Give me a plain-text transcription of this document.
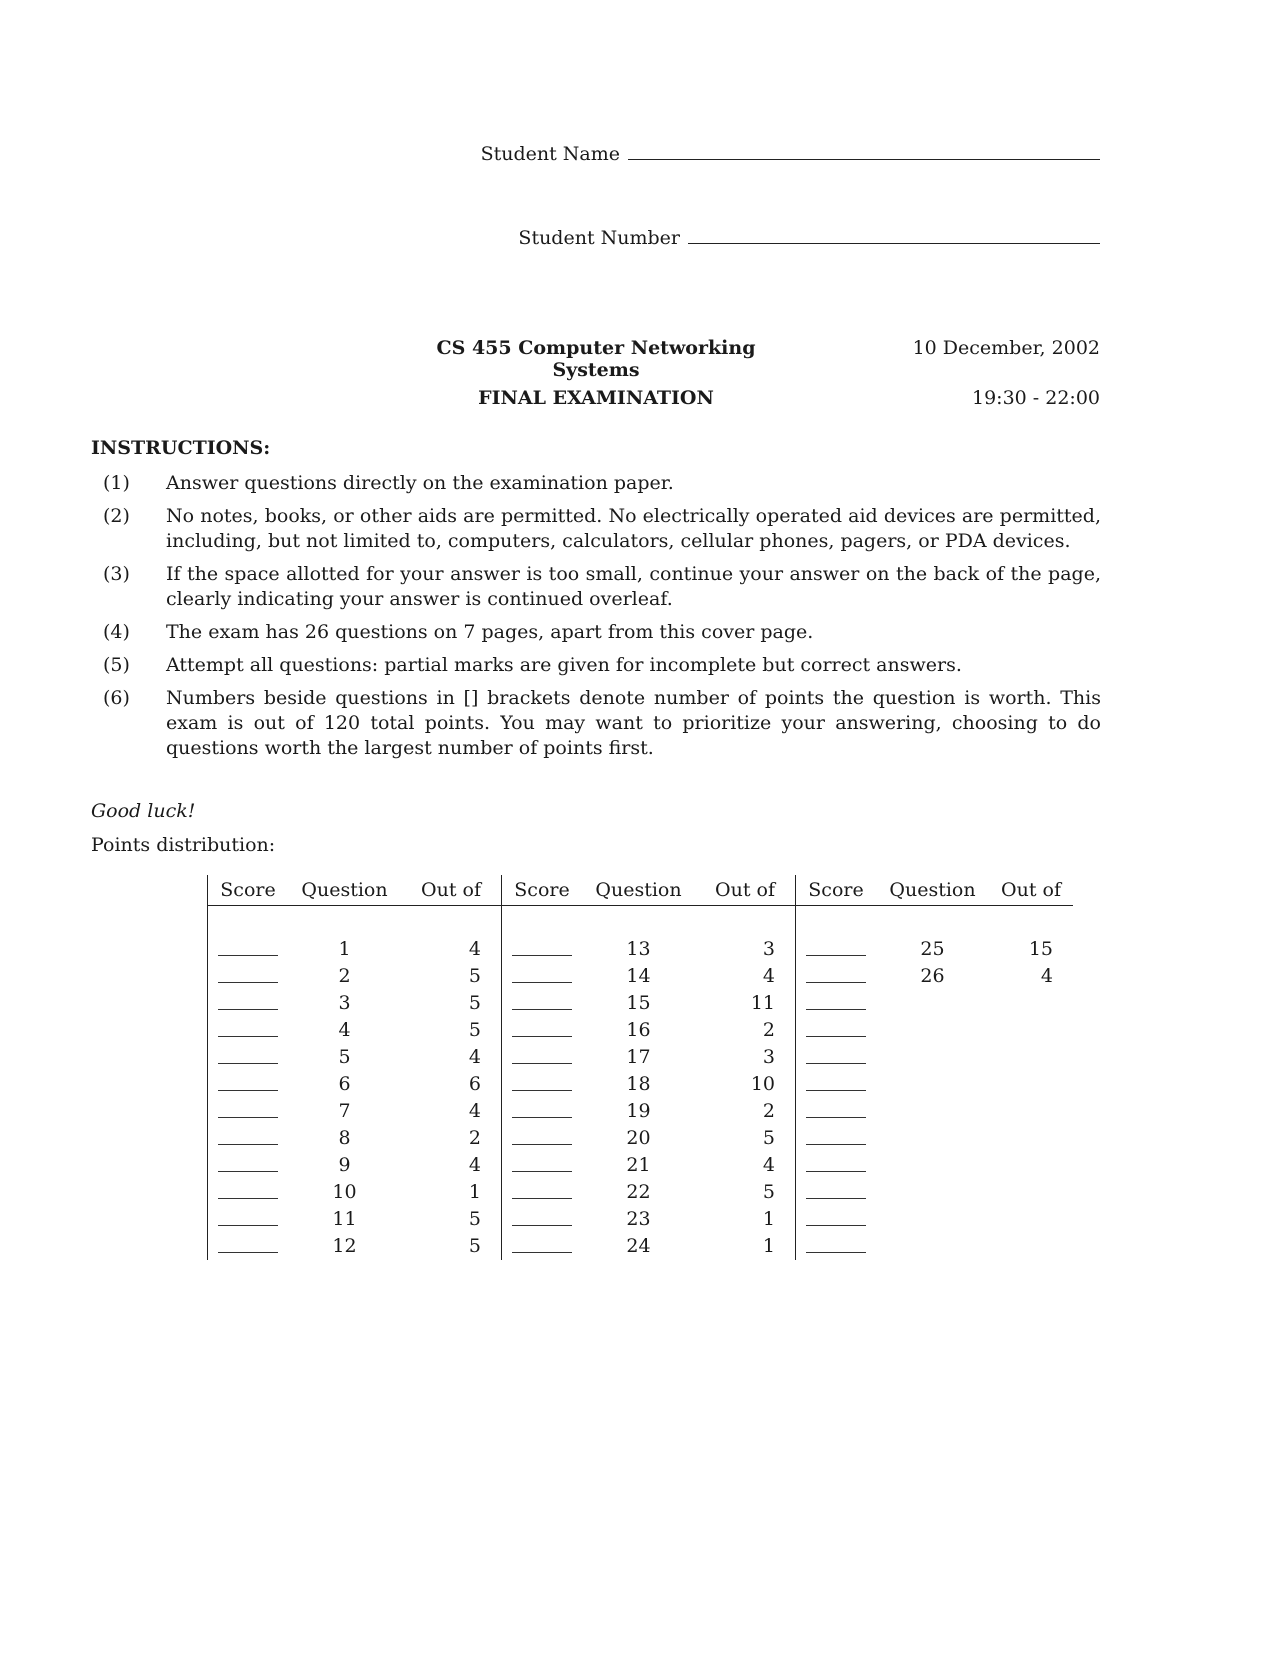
Student Name
Student Number
CS 455 Computer Networking Systems
10 December, 2002
FINAL EXAMINATION	19:30 - 22:00
INSTRUCTIONS:
(1)	Answer questions directly on the examination paper.
(2)	No notes, books, or other aids are permitted. No electrically operated aid devices are permitted, including, but not limited to, computers, calculators, cellular phones, pagers, or PDA devices.
(3)	If the space allotted for your answer is too small, continue your answer on the back of the page, clearly indicating your answer is continued overleaf.
(4)	The exam has 26 questions on 7 pages, apart from this cover page.
(5)	Attempt all questions: partial marks are given for incomplete but correct answers.
(6)	Numbers beside questions in [] brackets denote number of points the question is worth. This exam is out of 120 total points. You may want to prioritize your answering, choosing to do questions worth the largest number of points first.
Good luck!
Points distribution:
Score	Question	Out of
1	4
2	5
3	5
4	5
5	4
6	6
7	4
8	2
9	4
10	1
11	5
12	5
Score	Question	Out of
13	3
14	4
15	11
16	2
17	3
18	10
19	2
20	5
21	4
22	5
23	1
24	1
Score	Question	Out of
25	15
26	4
